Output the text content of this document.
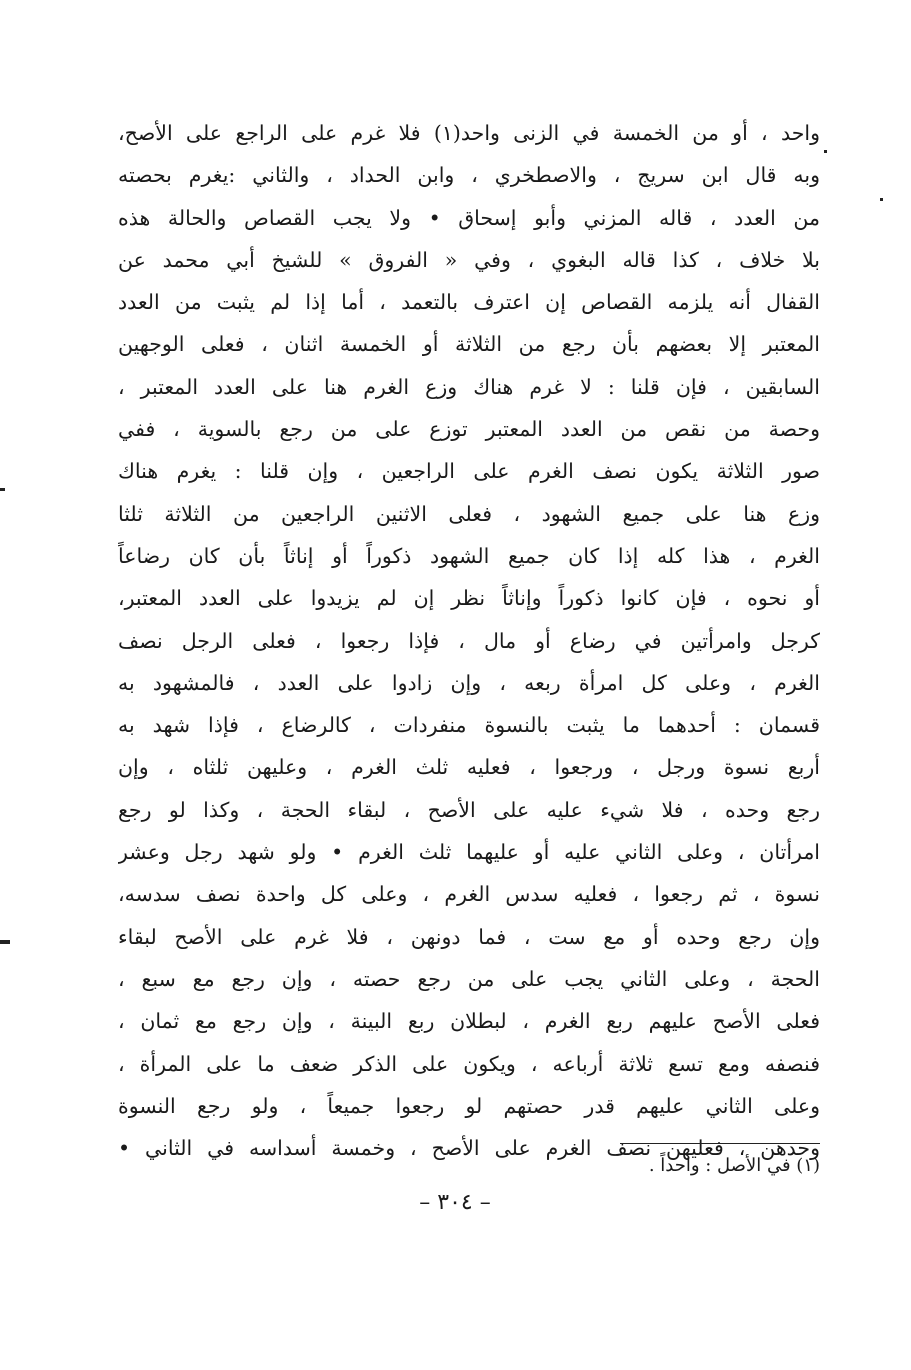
واحد ، أو من الخمسة في الزنى واحد(١) فلا غرم على الراجع على الأصح،
وبه قال ابن سريج ، والاصطخري ، وابن الحداد ، والثاني :يغرم بحصته
من العدد ، قاله المزني وأبو إسحاق • ولا يجب القصاص والحالة هذه
بلا خلاف ، كذا قاله البغوي ، وفي « الفروق » للشيخ أبي محمد عن
القفال أنه يلزمه القصاص إن اعترف بالتعمد ، أما إذا لم يثبت من العدد
المعتبر إلا بعضهم بأن رجع من الثلاثة أو الخمسة اثنان ، فعلى الوجهين
السابقين ، فإن قلنا : لا غرم هناك وزع الغرم هنا على العدد المعتبر ،
وحصة من نقص من العدد المعتبر توزع على من رجع بالسوية ، ففي
صور الثلاثة يكون نصف الغرم على الراجعين ، وإن قلنا : يغرم هناك
وزع هنا على جميع الشهود ، فعلى الاثنين الراجعين من الثلاثة ثلثا
الغرم ، هذا كله إذا كان جميع الشهود ذكوراً أو إناثاً بأن كان رضاعاً
أو نحوه ، فإن كانوا ذكوراً وإناثاً نظر إن لم يزيدوا على العدد المعتبر،
كرجل وامرأتين في رضاع أو مال ، فإذا رجعوا ، فعلى الرجل نصف
الغرم ، وعلى كل امرأة ربعه ، وإن زادوا على العدد ، فالمشهود به
قسمان : أحدهما ما يثبت بالنسوة منفردات ، كالرضاع ، فإذا شهد به
أربع نسوة ورجل ، ورجعوا ، فعليه ثلث الغرم ، وعليهن ثلثاه ، وإن
رجع وحده ، فلا شيء عليه على الأصح ، لبقاء الحجة ، وكذا لو رجع
امرأتان ، وعلى الثاني عليه أو عليهما ثلث الغرم • ولو شهد رجل وعشر
نسوة ، ثم رجعوا ، فعليه سدس الغرم ، وعلى كل واحدة نصف سدسه،
وإن رجع وحده أو مع ست ، فما دونهن ، فلا غرم على الأصح لبقاء
الحجة ، وعلى الثاني يجب على من رجع حصته ، وإن رجع مع سبع ،
فعلى الأصح عليهم ربع الغرم ، لبطلان ربع البينة ، وإن رجع مع ثمان ،
فنصفه ومع تسع ثلاثة أرباعه ، ويكون على الذكر ضعف ما على المرأة ،
وعلى الثاني عليهم قدر حصتهم لو رجعوا جميعاً ، ولو رجع النسوة
وحدهن ، فعليهن نصف الغرم على الأصح ، وخمسة أسداسه في الثاني •
(١) في الأصل : واحداً .
– ٣٠٤ –
